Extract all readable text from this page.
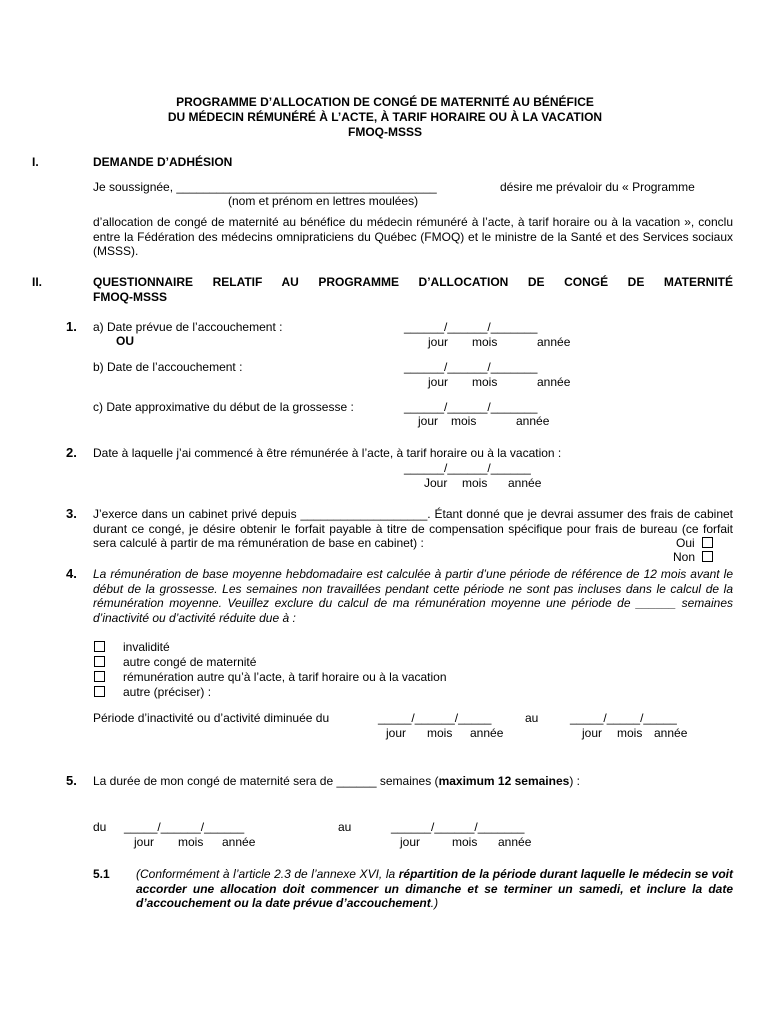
PROGRAMME D’ALLOCATION DE CONGÉ DE MATERNITÉ AU BÉNÉFICE
DU MÉDECIN RÉMUNÉRÉ À L’ACTE, À TARIF HORAIRE OU À LA VACATION
FMOQ-MSSS
I.	DEMANDE D’ADHÉSION
Je soussignée, _______________________________________	désire me prévaloir du « Programme
(nom et prénom en lettres moulées)
d’allocation de congé de maternité au bénéfice du médecin rémunéré à l’acte, à tarif horaire ou à la vacation », conclu entre la Fédération des médecins omnipraticiens du Québec (FMOQ) et le ministre de la Santé et des Services sociaux (MSSS).
II.	QUESTIONNAIRE RELATIF AU PROGRAMME D’ALLOCATION DE CONGÉ DE MATERNITÉ
FMOQ-MSSS
1. a) Date prévue de l’accouchement :	______/______/_______
OU	jour mois	année
b) Date de l’accouchement :	______/______/_______
jour mois	année
c) Date approximative du début de la grossesse :	______/______/_______
jour mois	année
2. Date à laquelle j’ai commencé à être rémunérée à l’acte, à tarif horaire ou à la vacation :
______/______/______
Jour mois année
3. J’exerce dans un cabinet privé depuis ___________________. Étant donné que je devrai assumer des frais de cabinet durant ce congé, je désire obtenir le forfait payable à titre de compensation spécifique pour frais de bureau (ce forfait sera calculé à partir de ma rémunération de base en cabinet) :	Oui
Non
4. La rémunération de base moyenne hebdomadaire est calculée à partir d’une période de référence de 12 mois avant le début de la grossesse. Les semaines non travaillées pendant cette période ne sont pas incluses dans le calcul de la rémunération moyenne. Veuillez exclure du calcul de ma rémunération moyenne une période de ______ semaines d’inactivité ou d’activité réduite due à :
invalidité
autre congé de maternité
rémunération autre qu’à l’acte, à tarif horaire ou à la vacation
autre (préciser) :
Période d’inactivité ou d’activité diminuée du	_____/______/_____	au	_____/_____/_____
jour mois année	jour mois année
5. La durée de mon congé de maternité sera de ______ semaines (maximum 12 semaines) :
du _____/______/______	au	______/______/_______
jour mois année	jour	mois année
5.1 (Conformément à l’article 2.3 de l’annexe XVI, la répartition de la période durant laquelle le médecin se voit accorder une allocation doit commencer un dimanche et se terminer un samedi, et inclure la date d’accouchement ou la date prévue d’accouchement.)
